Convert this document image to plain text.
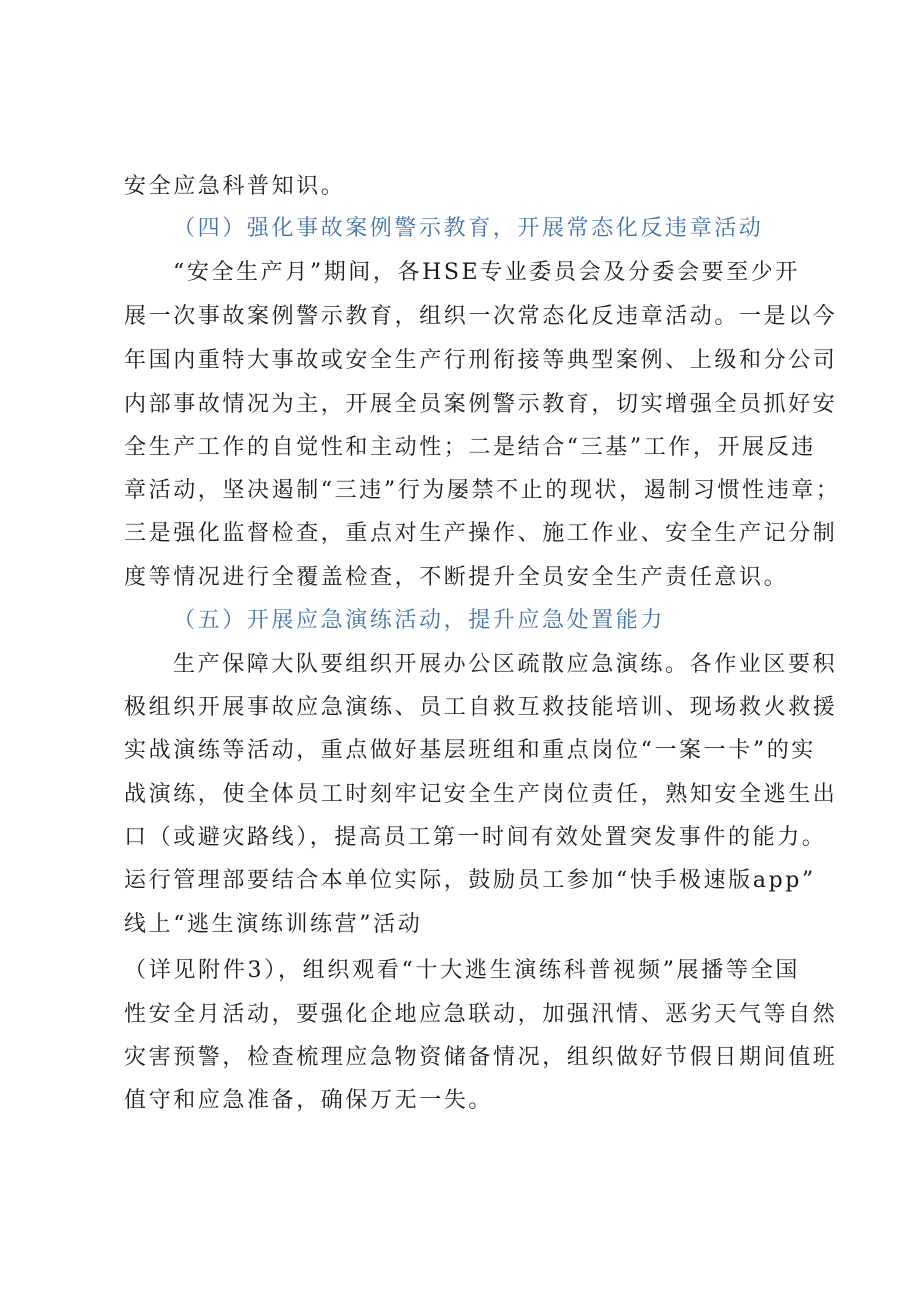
安全应急科普知识。
（四）强化事故案例警示教育，开展常态化反违章活动
“安全生产月”期间，各HSE专业委员会及分委会要至少开
展一次事故案例警示教育，组织一次常态化反违章活动。一是以今
年国内重特大事故或安全生产行刑衔接等典型案例、上级和分公司
内部事故情况为主，开展全员案例警示教育，切实增强全员抓好安
全生产工作的自觉性和主动性；二是结合“三基”工作，开展反违
章活动，坚决遏制“三违”行为屡禁不止的现状，遏制习惯性违章；
三是强化监督检查，重点对生产操作、施工作业、安全生产记分制
度等情况进行全覆盖检查，不断提升全员安全生产责任意识。
（五）开展应急演练活动，提升应急处置能力
生产保障大队要组织开展办公区疏散应急演练。各作业区要积
极组织开展事故应急演练、员工自救互救技能培训、现场救火救援
实战演练等活动，重点做好基层班组和重点岗位“一案一卡”的实
战演练，使全体员工时刻牢记安全生产岗位责任，熟知安全逃生出
口（或避灾路线），提高员工第一时间有效处置突发事件的能力。
运行管理部要结合本单位实际，鼓励员工参加“快手极速版app”
线上“逃生演练训练营”活动
（详见附件3），组织观看“十大逃生演练科普视频”展播等全国
性安全月活动，要强化企地应急联动，加强汛情、恶劣天气等自然
灾害预警，检查梳理应急物资储备情况，组织做好节假日期间值班
值守和应急准备，确保万无一失。
